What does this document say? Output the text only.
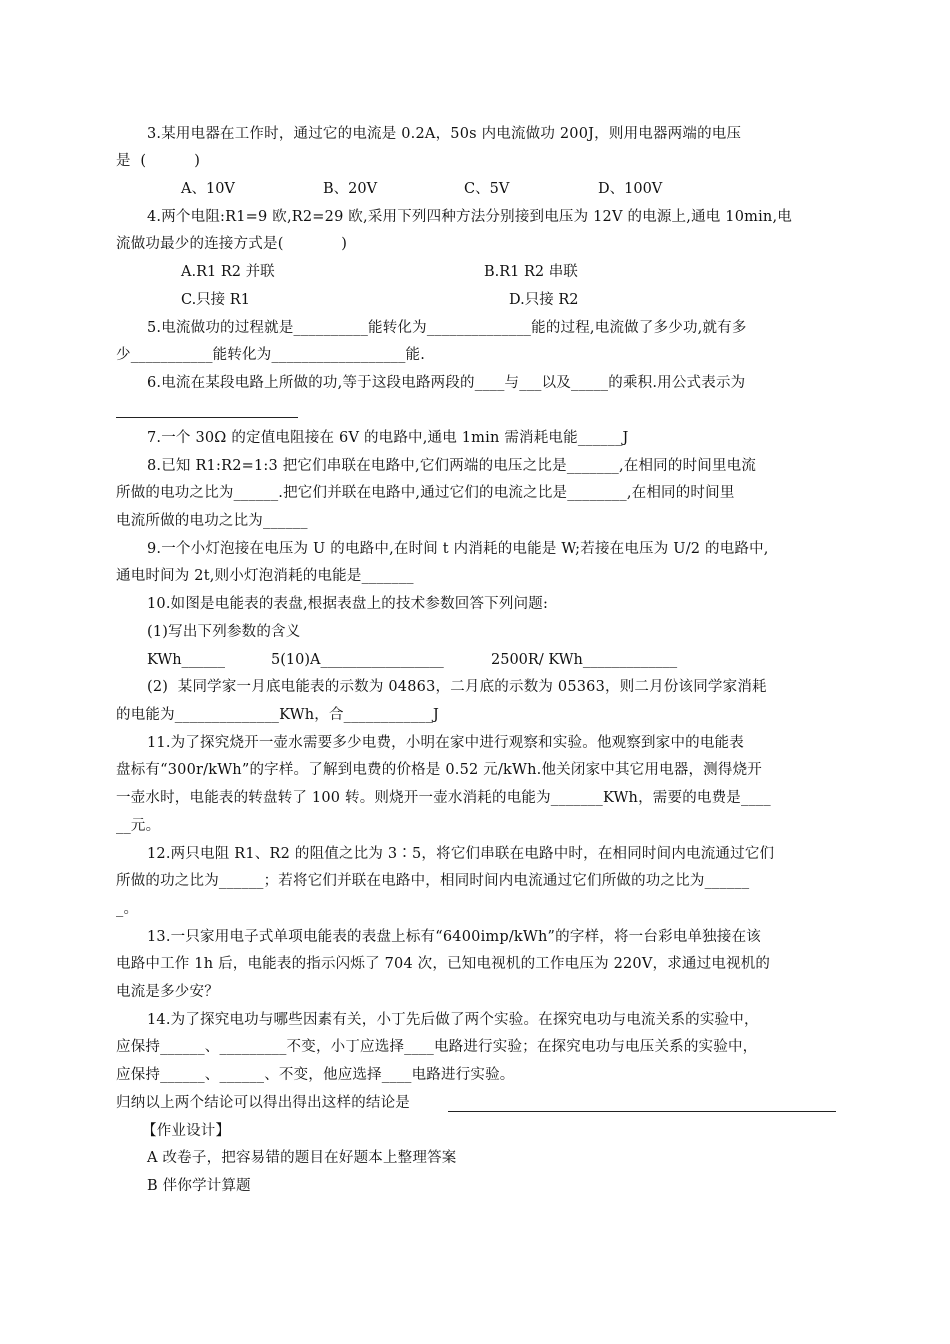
3.某用电器在工作时，通过它的电流是 0.2A，50s 内电流做功 200J，则用电器两端的电压
是  (          )
A、10V	B、20V	C、5V	D、100V
4.两个电阻:R1=9 欧,R2=29 欧,采用下列四种方法分别接到电压为 12V 的电源上,通电 10min,电
流做功最少的连接方式是(            )
A.R1 R2 并联	B.R1 R2 串联
C.只接 R1	D.只接 R2
5.电流做功的过程就是__________能转化为______________能的过程,电流做了多少功,就有多
少___________能转化为__________________能.
6.电流在某段电路上所做的功,等于这段电路两段的____与___以及_____的乘积.用公式表示为
7.一个 30Ω 的定值电阻接在 6V 的电路中,通电 1min 需消耗电能______J
8.已知 R1:R2=1:3 把它们串联在电路中,它们两端的电压之比是_______,在相同的时间里电流
所做的电功之比为______.把它们并联在电路中,通过它们的电流之比是________,在相同的时间里
电流所做的电功之比为______
9.一个小灯泡接在电压为 U 的电路中,在时间 t 内消耗的电能是 W;若接在电压为 U/2 的电路中,
通电时间为 2t,则小灯泡消耗的电能是_______
10.如图是电能表的表盘,根据表盘上的技术参数回答下列问题:
(1)写出下列参数的含义
KWh______	5(10)A_________________	2500R/ KWh_____________
(2)  某同学家一月底电能表的示数为 04863，二月底的示数为 05363，则二月份该同学家消耗
的电能为______________KWh，合____________J
11.为了探究烧开一壶水需要多少电费，小明在家中进行观察和实验。他观察到家中的电能表
盘标有“300r/kWh”的字样。了解到电费的价格是 0.52 元/kWh.他关闭家中其它用电器，测得烧开
一壶水时，电能表的转盘转了 100 转。则烧开一壶水消耗的电能为_______KWh，需要的电费是____
__元。
12.两只电阻 R1、R2 的阻值之比为 3∶5，将它们串联在电路中时，在相同时间内电流通过它们
所做的功之比为______；若将它们并联在电路中，相同时间内电流通过它们所做的功之比为______
_。
13.一只家用电子式单项电能表的表盘上标有“6400imp/kWh”的字样，将一台彩电单独接在该
电路中工作 1h 后，电能表的指示闪烁了 704 次，已知电视机的工作电压为 220V，求通过电视机的
电流是多少安？
14.为了探究电功与哪些因素有关，小丁先后做了两个实验。在探究电功与电流关系的实验中，
应保持______、_________不变，小丁应选择____电路进行实验；在探究电功与电压关系的实验中，
应保持______、______、不变，他应选择____电路进行实验。
归纳以上两个结论可以得出得出这样的结论是
【作业设计】
A 改卷子，把容易错的题目在好题本上整理答案
B 伴你学计算题
